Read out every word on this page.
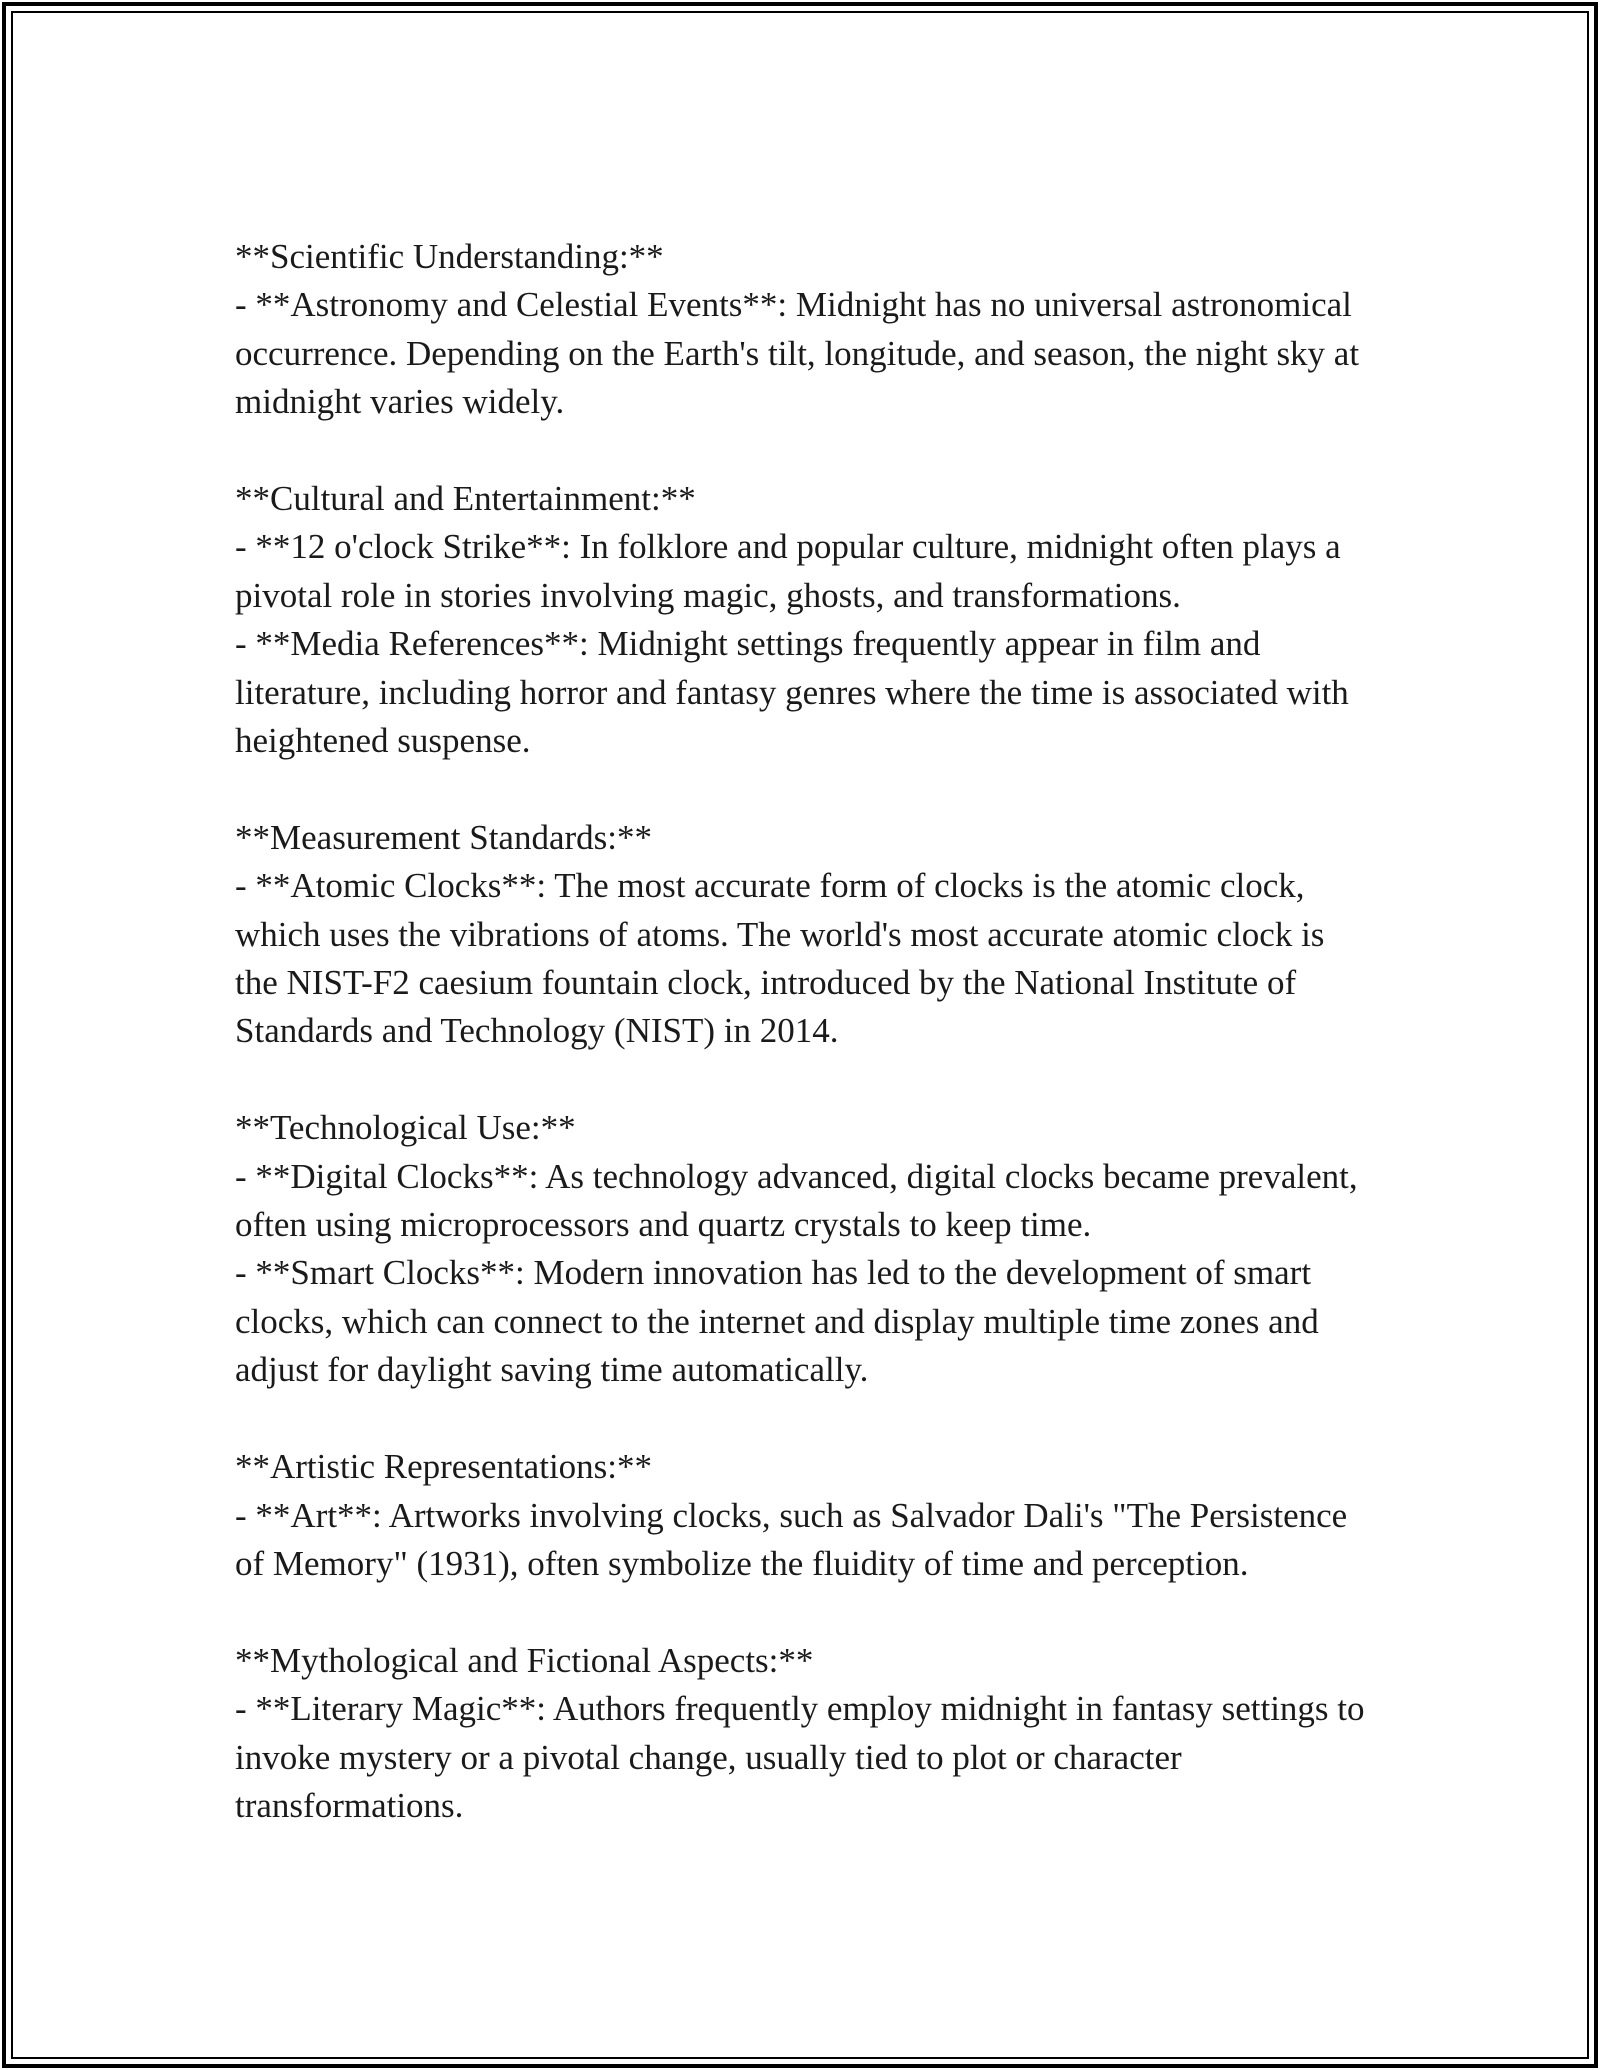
**Scientific Understanding:**

- **Astronomy and Celestial Events**: Midnight has no universal astronomical occurrence. Depending on the Earth's tilt, longitude, and season, the night sky at midnight varies widely.

**Cultural and Entertainment:**

- **12 o'clock Strike**: In folklore and popular culture, midnight often plays a pivotal role in stories involving magic, ghosts, and transformations.

- **Media References**: Midnight settings frequently appear in film and literature, including horror and fantasy genres where the time is associated with heightened suspense.

**Measurement Standards:**

- **Atomic Clocks**: The most accurate form of clocks is the atomic clock, which uses the vibrations of atoms. The world's most accurate atomic clock is the NIST-F2 caesium fountain clock, introduced by the National Institute of Standards and Technology (NIST) in 2014.

**Technological Use:**

- **Digital Clocks**: As technology advanced, digital clocks became prevalent, often using microprocessors and quartz crystals to keep time.

- **Smart Clocks**: Modern innovation has led to the development of smart clocks, which can connect to the internet and display multiple time zones and adjust for daylight saving time automatically.

**Artistic Representations:**

- **Art**: Artworks involving clocks, such as Salvador Dali's "The Persistence of Memory" (1931), often symbolize the fluidity of time and perception.

**Mythological and Fictional Aspects:**

- **Literary Magic**: Authors frequently employ midnight in fantasy settings to invoke mystery or a pivotal change, usually tied to plot or character transformations.
